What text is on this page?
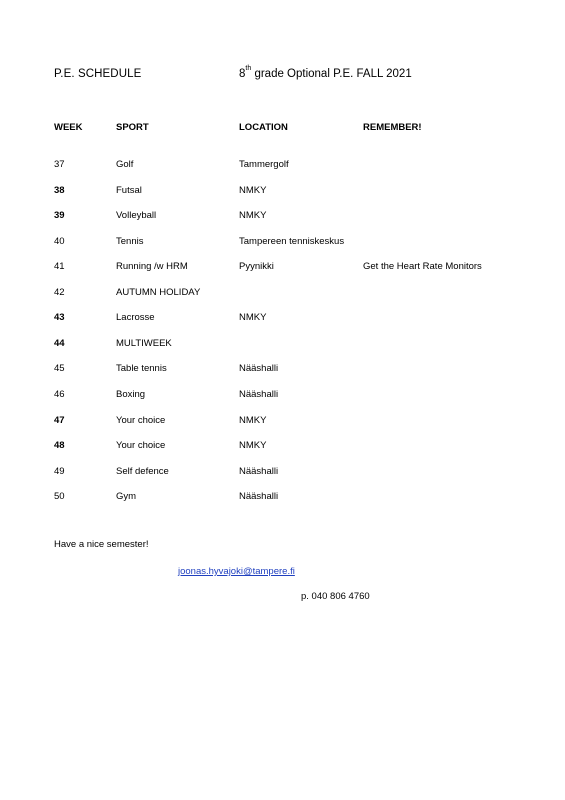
P.E. SCHEDULE	8th grade Optional P.E. FALL 2021
WEEK	SPORT	LOCATION	REMEMBER!
37	Golf	Tammergolf
38	Futsal	NMKY
39	Volleyball	NMKY
40	Tennis	Tampereen tenniskeskus
41	Running /w HRM	Pyynikki	Get the Heart Rate Monitors
42	AUTUMN HOLIDAY
43	Lacrosse	NMKY
44	MULTIWEEK
45	Table tennis	Nääshalli
46	Boxing	Nääshalli
47	Your choice	NMKY
48	Your choice	NMKY
49	Self defence	Nääshalli
50	Gym	Nääshalli
Have a nice semester!
joonas.hyvajoki@tampere.fi
p. 040 806 4760
